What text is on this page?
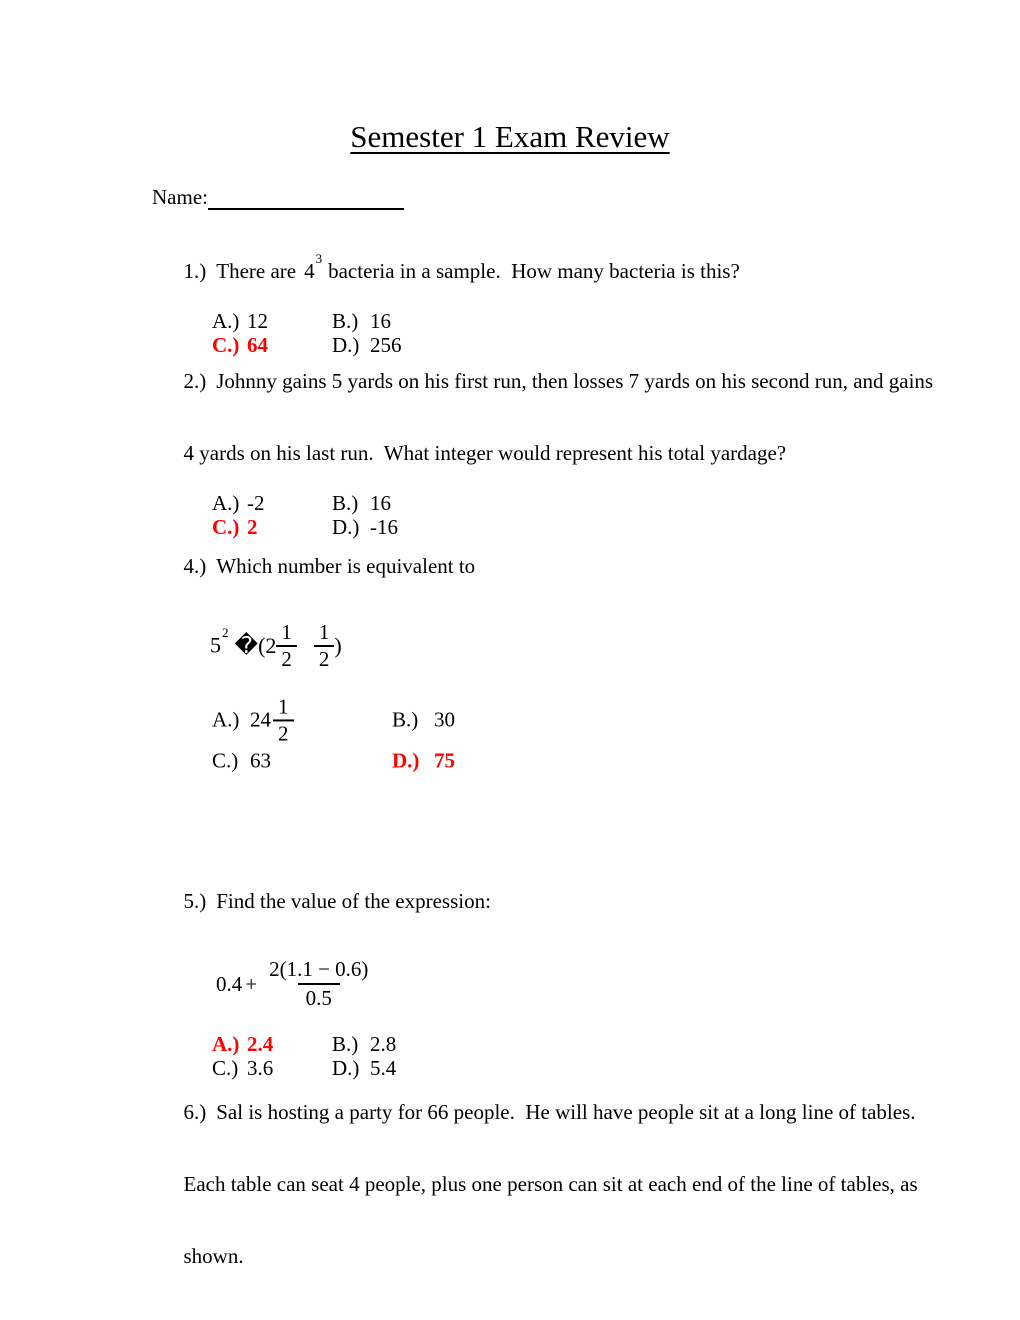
Semester 1 Exam Review
Name:

1.) There are $4^3bacteria$ in a sample.  How many bacteria is this?

A.) 12	B.) 16
C.) 64	D.) 256

2.) Johnny gains 5 yards on his first run, then losses 7 yards on his second run, and gains

4 yards on his last run.  What integer would represent his total yardage?

A.) -2	B.) 16
C.) 2	D.) -16

4.) Which number is equivalent to

$5^2$ � ( $2 \frac{1}{2} \frac{1}{2}$ )
A.) $24 \frac{1}{2}$	B.) 30
C.) 63	D.) 75

5.) Find the value of the expression:

$0.4 + \frac{2(1.1 - 0.6)}{0.5}$
A.) 2.4	B.) 2.8
C.) 3.6	D.) 5.4

6.) Sal is hosting a party for 66 people.  He will have people sit at a long line of tables.

Each table can seat 4 people, plus one person can sit at each end of the line of tables, as

shown.
